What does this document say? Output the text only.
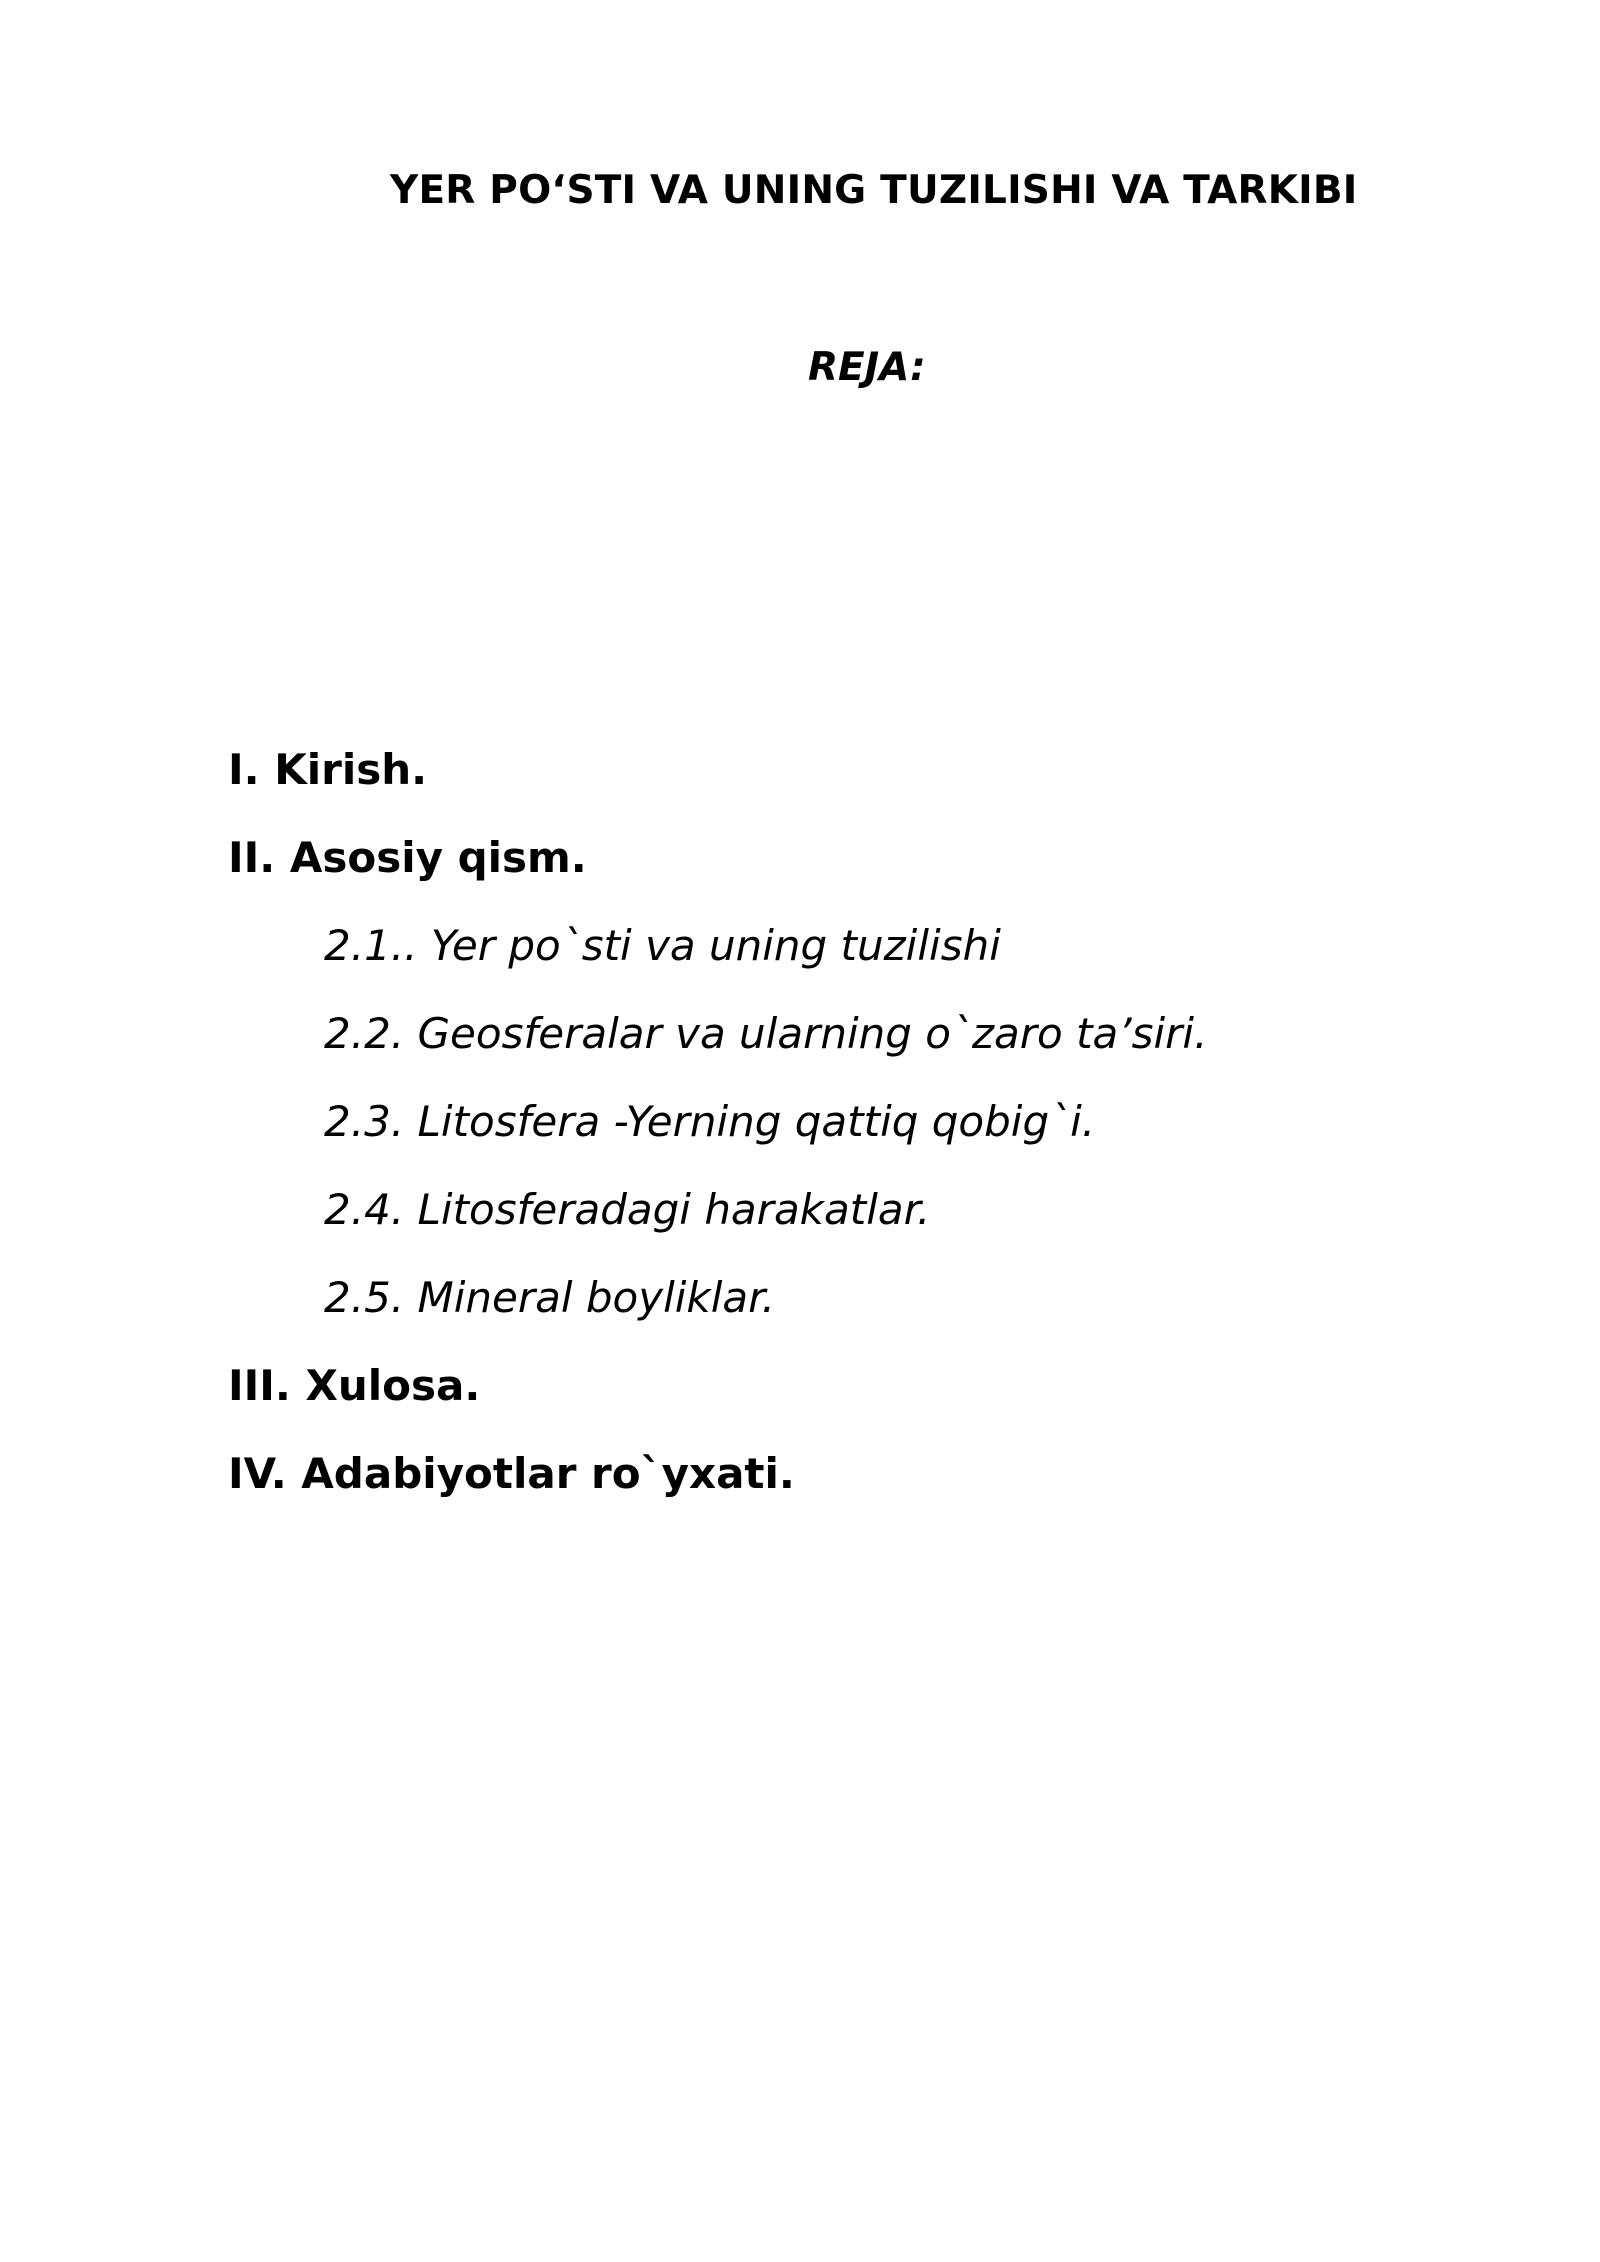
YER PO‘STI VA UNING TUZILISHI VA TARKIBI
REJA:
I. Kirish.
II. Asosiy qism.
2.1.. Yer po`sti va uning tuzilishi
2.2. Geosferalar va ularning o`zaro ta’siri.
2.3. Litosfera -Yerning qattiq qobig`i.
2.4. Litosferadagi harakatlar.
2.5. Mineral boyliklar.
III. Xulosa.
IV. Adabiyotlar ro`yxati.
